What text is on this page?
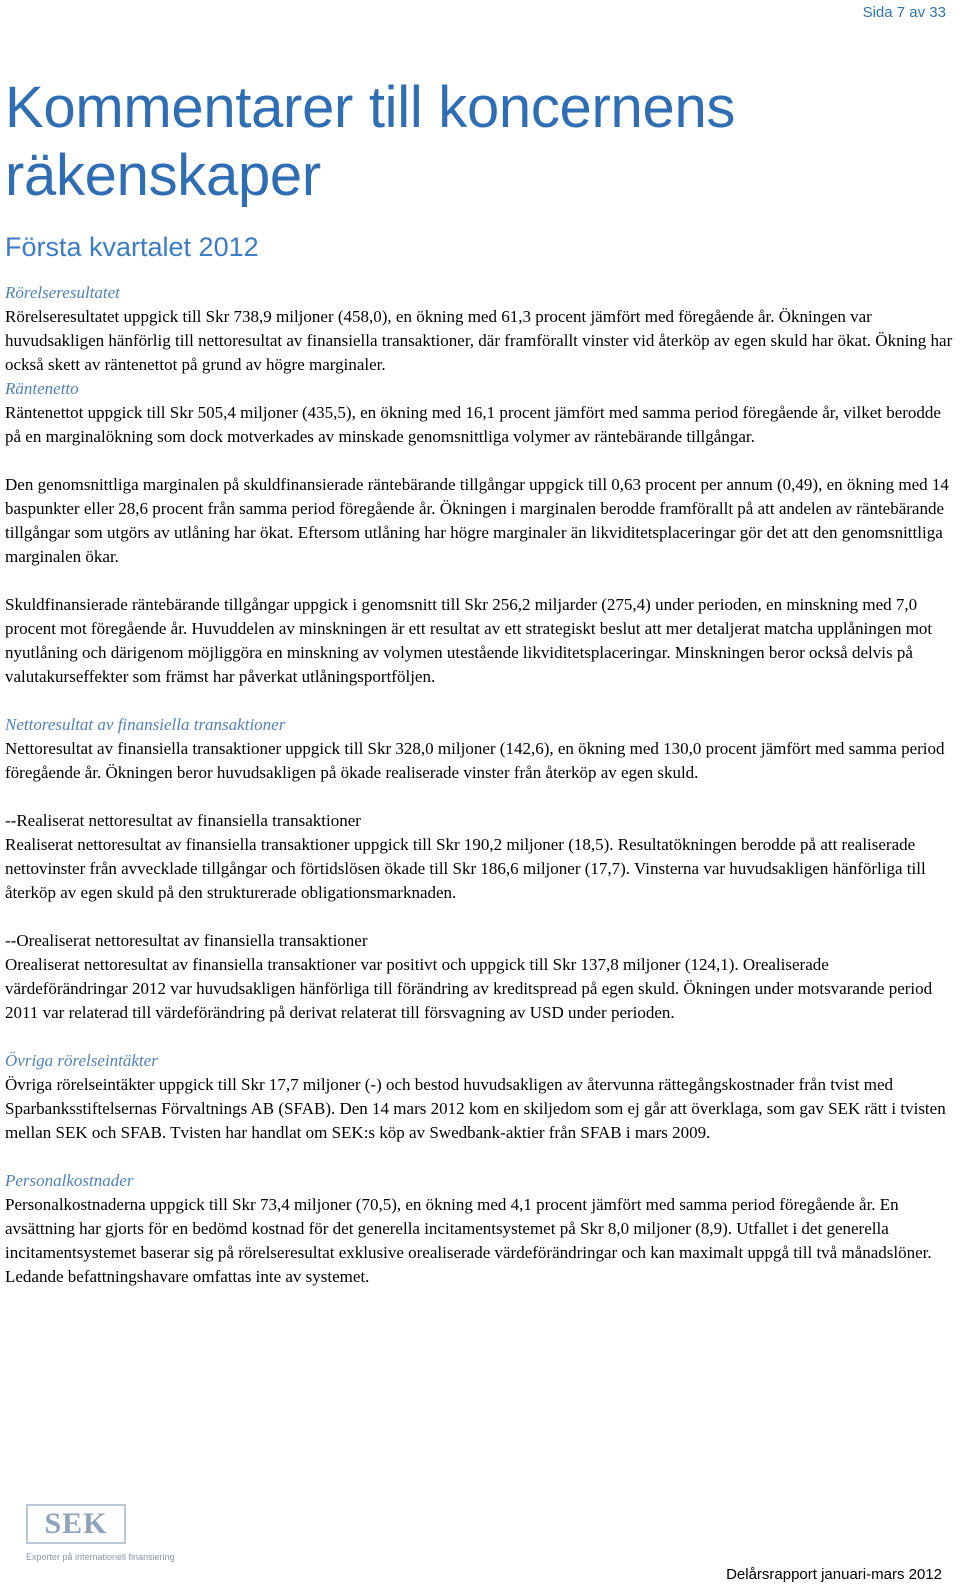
Sida 7 av 33
Kommentarer till koncernens
räkenskaper
Första kvartalet 2012

Rörelseresultatet

Rörelseresultatet uppgick till Skr 738,9 miljoner (458,0), en ökning med 61,3 procent jämfört med föregående år. Ökningen var huvudsakligen hänförlig till nettoresultat av finansiella transaktioner, där framförallt vinster vid återköp av egen skuld har ökat. Ökning har också skett av räntenettot på grund av högre marginaler.

Räntenetto

Räntenettot uppgick till Skr 505,4 miljoner (435,5), en ökning med 16,1 procent jämfört med samma period föregående år, vilket berodde på en marginalökning som dock motverkades av minskade genomsnittliga volymer av räntebärande tillgångar.

Den genomsnittliga marginalen på skuldfinansierade räntebärande tillgångar uppgick till 0,63 procent per annum (0,49), en ökning med 14 baspunkter eller 28,6 procent från samma period föregående år. Ökningen i marginalen berodde framförallt på att andelen av räntebärande tillgångar som utgörs av utlåning har ökat. Eftersom utlåning har högre marginaler än likviditetsplaceringar gör det att den genomsnittliga marginalen ökar.

Skuldfinansierade räntebärande tillgångar uppgick i genomsnitt till Skr 256,2 miljarder (275,4) under perioden, en minskning med 7,0 procent mot föregående år. Huvuddelen av minskningen är ett resultat av ett strategiskt beslut att mer detaljerat matcha upplåningen mot nyutlåning och därigenom möjliggöra en minskning av volymen utestående likviditetsplaceringar. Minskningen beror också delvis på valutakurseffekter som främst har påverkat utlåningsportföljen.

Nettoresultat av finansiella transaktioner

Nettoresultat av finansiella transaktioner uppgick till Skr 328,0 miljoner (142,6), en ökning med 130,0 procent jämfört med samma period föregående år. Ökningen beror huvudsakligen på ökade realiserade vinster från återköp av egen skuld.

--Realiserat nettoresultat av finansiella transaktioner

Realiserat nettoresultat av finansiella transaktioner uppgick till Skr 190,2 miljoner (18,5). Resultatökningen berodde på att realiserade nettovinster från avvecklade tillgångar och förtidslösen ökade till Skr 186,6 miljoner (17,7). Vinsterna var huvudsakligen hänförliga till återköp av egen skuld på den strukturerade obligationsmarknaden.

--Orealiserat nettoresultat av finansiella transaktioner

Orealiserat nettoresultat av finansiella transaktioner var positivt och uppgick till Skr 137,8 miljoner (124,1). Orealiserade värdeförändringar 2012 var huvudsakligen hänförliga till förändring av kreditspread på egen skuld. Ökningen under motsvarande period 2011 var relaterad till värdeförändring på derivat relaterat till försvagning av USD under perioden.

Övriga rörelseintäkter

Övriga rörelseintäkter uppgick till Skr 17,7 miljoner (-) och bestod huvudsakligen av återvunna rättegångskostnader från tvist med Sparbanksstiftelsernas Förvaltnings AB (SFAB). Den 14 mars 2012 kom en skiljedom som ej går att överklaga, som gav SEK rätt i tvisten mellan SEK och SFAB. Tvisten har handlat om SEK:s köp av Swedbank-aktier från SFAB i mars 2009.

Personalkostnader

Personalkostnaderna uppgick till Skr 73,4 miljoner (70,5), en ökning med 4,1 procent jämfört med samma period föregående år. En avsättning har gjorts för en bedömd kostnad för det generella incitamentsystemet på Skr 8,0 miljoner (8,9). Utfallet i det generella incitamentsystemet baserar sig på rörelseresultat exklusive orealiserade värdeförändringar och kan maximalt uppgå till två månadslöner. Ledande befattningshavare omfattas inte av systemet.

SEK
Exporter på internationell finansiering
Delårsrapport januari-mars 2012
